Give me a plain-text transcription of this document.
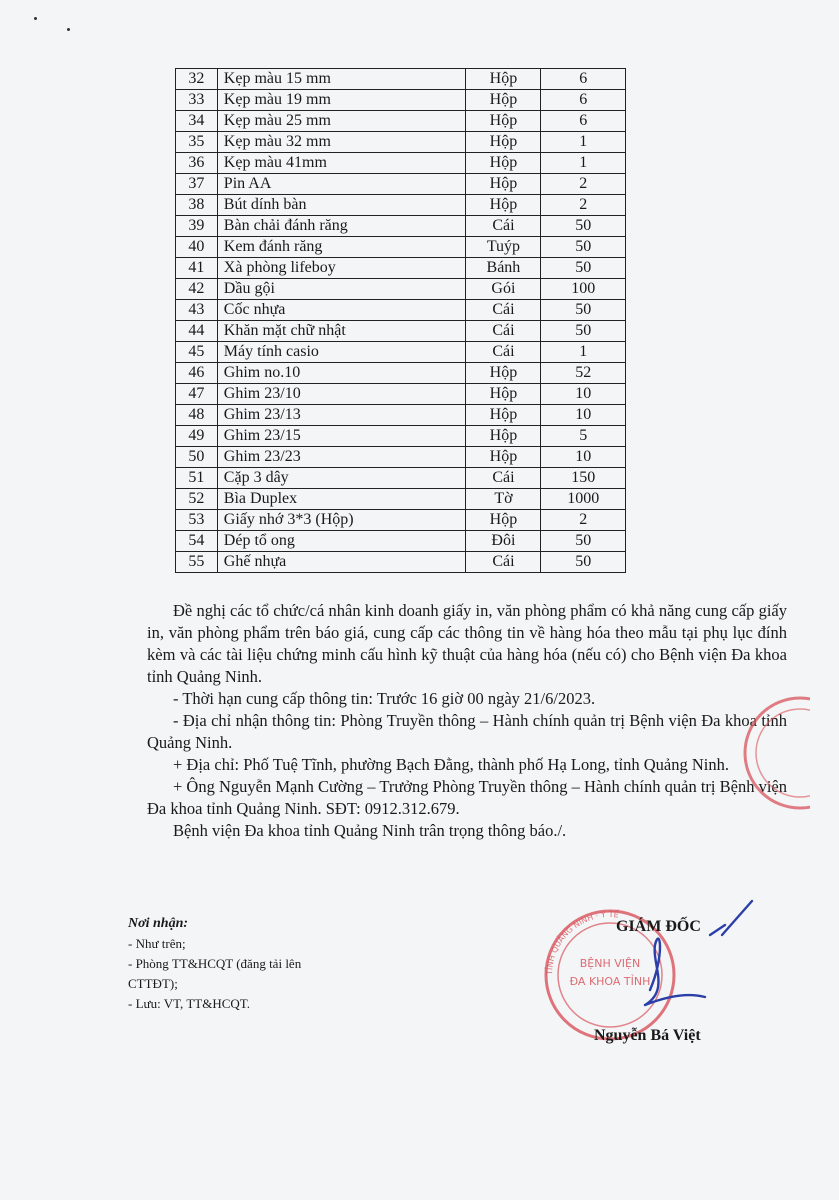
32	Kẹp màu 15 mm	Hộp	6
33	Kẹp màu 19 mm	Hộp	6
34	Kẹp màu 25 mm	Hộp	6
35	Kẹp màu 32 mm	Hộp	1
36	Kẹp màu 41mm	Hộp	1
37	Pin AA	Hộp	2
38	Bút dính bàn	Hộp	2
39	Bàn chải đánh răng	Cái	50
40	Kem đánh răng	Tuýp	50
41	Xà phòng lifeboy	Bánh	50
42	Dầu gội	Gói	100
43	Cốc nhựa	Cái	50
44	Khăn mặt chữ nhật	Cái	50
45	Máy tính casio	Cái	1
46	Ghim no.10	Hộp	52
47	Ghim 23/10	Hộp	10
48	Ghim 23/13	Hộp	10
49	Ghim 23/15	Hộp	5
50	Ghim 23/23	Hộp	10
51	Cặp 3 dây	Cái	150
52	Bìa Duplex	Tờ	1000
53	Giấy nhớ 3*3 (Hộp)	Hộp	2
54	Dép tổ ong	Đôi	50
55	Ghế nhựa	Cái	50

Đề nghị các tổ chức/cá nhân kinh doanh giấy in, văn phòng phẩm có khả năng cung cấp giấy in, văn phòng phẩm trên báo giá, cung cấp các thông tin về hàng hóa theo mẫu tại phụ lục đính kèm và các tài liệu chứng minh cấu hình kỹ thuật của hàng hóa (nếu có) cho Bệnh viện Đa khoa tỉnh Quảng Ninh.

- Thời hạn cung cấp thông tin: Trước 16 giờ 00 ngày 21/6/2023.

- Địa chỉ nhận thông tin: Phòng Truyền thông – Hành chính quản trị Bệnh viện Đa khoa tỉnh Quảng Ninh.

+ Địa chỉ: Phố Tuệ Tĩnh, phường Bạch Đằng, thành phố Hạ Long, tỉnh Quảng Ninh.

+ Ông Nguyễn Mạnh Cường – Trưởng Phòng Truyền thông – Hành chính quản trị Bệnh viện Đa khoa tỉnh Quảng Ninh. SĐT: 0912.312.679.

Bệnh viện Đa khoa tỉnh Quảng Ninh trân trọng thông báo./.

Nơi nhận:
- Như trên;
- Phòng TT&HCQT (đăng tải lên
CTTĐT);
- Lưu: VT, TT&HCQT.
TỈNH QUẢNG NINH · Y TẾ
BỆNH VIỆN
ĐA KHOA TỈNH
GIÁM ĐỐC
Nguyễn Bá Việt
